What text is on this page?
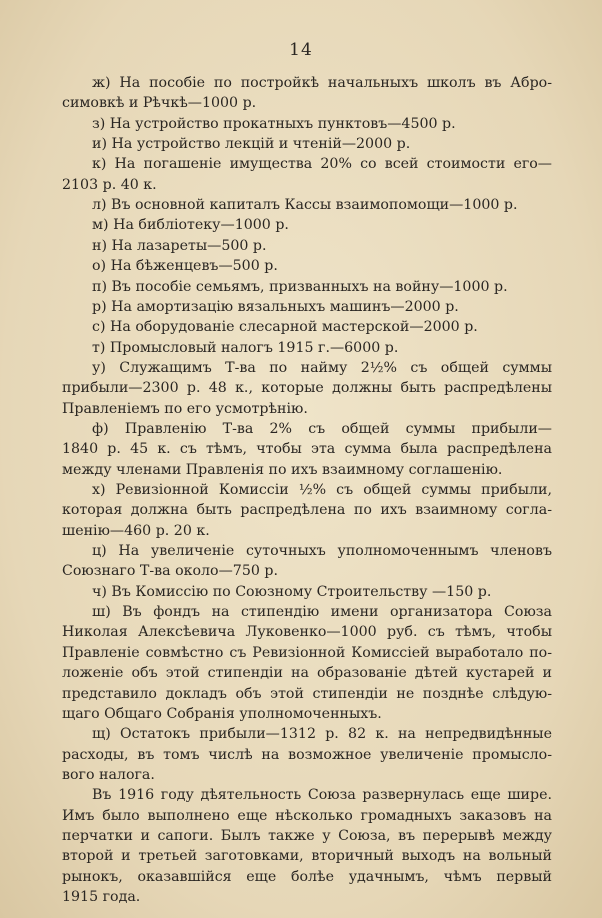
14
ж) На пособіе по постройкѣ начальныхъ школъ въ Абро-
симовкѣ и Рѣчкѣ—1000 р.
з) На устройство прокатныхъ пунктовъ—4500 р.
и) На устройство лекцій и чтеній—2000 р.
к) На погашеніе имущества 20% со всей стоимости его—
2103 р. 40 к.
л) Въ основной капиталъ Кассы взаимопомощи—1000 р.
м) На библіотеку—1000 р.
н) На лазареты—500 р.
о) На бѣженцевъ—500 р.
п) Въ пособіе семьямъ, призванныхъ на войну—1000 р.
р) На амортизацію вязальныхъ машинъ—2000 р.
с) На оборудованіе слесарной мастерской—2000 р.
т) Промысловый налогъ 1915 г.—6000 р.
у) Служащимъ Т-ва по найму 2½% съ общей суммы
прибыли—2300 р. 48 к., которые должны быть распредѣлены
Правленіемъ по его усмотрѣнію.
ф) Правленію Т-ва 2% съ общей суммы прибыли—
1840 р. 45 к. съ тѣмъ, чтобы эта сумма была распредѣлена
между членами Правленія по ихъ взаимному соглашенію.
х) Ревизіонной Комиссіи ½% съ общей суммы прибыли,
которая должна быть распредѣлена по ихъ взаимному согла-
шенію—460 р. 20 к.
ц) На увеличеніе суточныхъ уполномоченнымъ членовъ
Союзнаго Т-ва около—750 р.
ч) Въ Комиссію по Союзному Строительству —150 р.
ш) Въ фондъ на стипендію имени организатора Союза
Николая Алексѣевича Луковенко—1000 руб. съ тѣмъ, чтобы
Правленіе совмѣстно съ Ревизіонной Комиссіей выработало по-
ложеніе объ этой стипендіи на образованіе дѣтей кустарей и
представило докладъ объ этой стипендіи не позднѣе слѣдую-
щаго Общаго Собранія уполномоченныхъ.
щ) Остатокъ прибыли—1312 р. 82 к. на непредвидѣнные
расходы, въ томъ числѣ на возможное увеличеніе промысло-
вого налога.
Въ 1916 году дѣятельность Союза развернулась еще шире.
Имъ было выполнено еще нѣсколько громадныхъ заказовъ на
перчатки и сапоги. Былъ также у Союза, въ перерывѣ между
второй и третьей заготовками, вторичный выходъ на вольный
рынокъ, оказавшійся еще болѣе удачнымъ, чѣмъ первый
1915 года.
